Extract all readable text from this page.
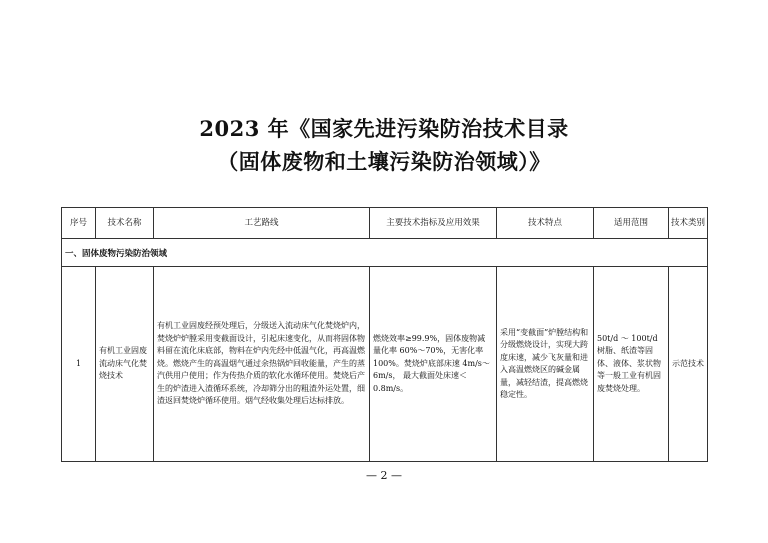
2023 年《国家先进污染防治技术目录
（固体废物和土壤污染防治领域）》
序号	技术名称	工艺路线	主要技术指标及应用效果	技术特点	适用范围	技术类别
一、固体废物污染防治领域						
1	有机工业固废流动床气化焚烧技术	有机工业固废经预处理后，分级送入流动床气化焚烧炉内，焚烧炉炉膛采用变截面设计，引起床速变化，从而将固体物料留在流化床底部，物料在炉内先经中低温气化，再高温燃烧。燃烧产生的高温烟气通过余热锅炉回收能量，产生的蒸汽供用户使用；作为传热介质的软化水循环使用。焚烧后产生的炉渣进入渣循环系统，冷却筛分出的粗渣外运处置，细渣返回焚烧炉循环使用。烟气经收集处理后达标排放。	燃烧效率≥99.9%，固体废物减量化率 60%～70%，无害化率 100%。焚烧炉底部床速 4m/s～6m/s， 最大截面处床速＜0.8m/s。	采用“变截面”炉膛结构和分级燃烧设计，实现大跨度床速，减少飞灰量和进入高温燃烧区的碱金属量，减轻结渣，提高燃烧稳定性。	50t/d ～ 100t/d 树脂、纸渣等固体、液体、浆状物等一般工业有机固废焚烧处理。	示范技术
— 2 —
